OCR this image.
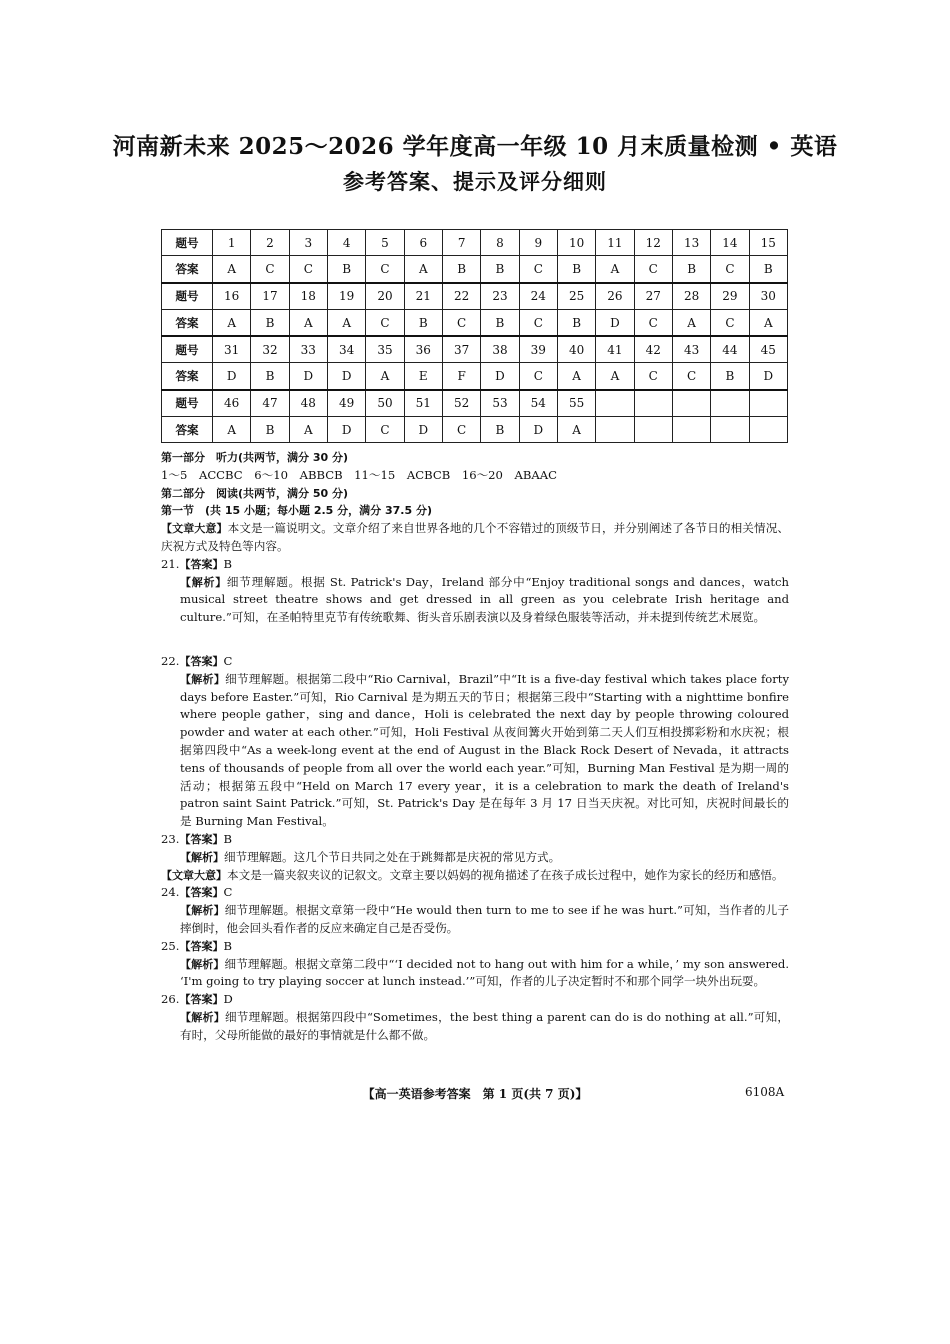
河南新未来 2025～2026 学年度高一年级 10 月末质量检测 • 英语
参考答案、提示及评分细则
题号	1	2	3	4	5	6	7	8	9	10	11	12	13	14	15
答案	A	C	C	B	C	A	B	B	C	B	A	C	B	C	B
题号	16	17	18	19	20	21	22	23	24	25	26	27	28	29	30
答案	A	B	A	A	C	B	C	B	C	B	D	C	A	C	A
题号	31	32	33	34	35	36	37	38	39	40	41	42	43	44	45
答案	D	B	D	D	A	E	F	D	C	A	A	C	C	B	D
题号	46	47	48	49	50	51	52	53	54	55					
答案	A	B	A	D	C	D	C	B	D	A					

第一部分　听力(共两节，满分 30 分)

1～5　ACCBC　6～10　ABBCB　11～15　ACBCB　16～20　ABAAC

第二部分　阅读(共两节，满分 50 分)

第一节　(共 15 小题；每小题 2.5 分，满分 37.5 分)

【文章大意】本文是一篇说明文。文章介绍了来自世界各地的几个不容错过的顶级节日，并分别阐述了各节日的相关情况、庆祝方式及特色等内容。

21.【答案】B

【解析】细节理解题。根据 St. Patrick's Day，Ireland 部分中“Enjoy traditional songs and dances，watch musical street theatre shows and get dressed in all green as you celebrate Irish heritage and culture.”可知，在圣帕特里克节有传统歌舞、街头音乐剧表演以及身着绿色服装等活动，并未提到传统艺术展览。

22.【答案】C

【解析】细节理解题。根据第二段中“Rio Carnival，Brazil”中“It is a five-day festival which takes place forty days before Easter.”可知，Rio Carnival 是为期五天的节日；根据第三段中“Starting with a nighttime bonfire where people gather，sing and dance，Holi is celebrated the next day by people throwing coloured powder and water at each other.”可知，Holi Festival 从夜间篝火开始到第二天人们互相投掷彩粉和水庆祝；根据第四段中“As a week-long event at the end of August in the Black Rock Desert of Nevada，it attracts tens of thousands of people from all over the world each year.”可知，Burning Man Festival 是为期一周的活动；根据第五段中“Held on March 17 every year，it is a celebration to mark the death of Ireland's patron saint Saint Patrick.”可知，St. Patrick's Day 是在每年 3 月 17 日当天庆祝。对比可知，庆祝时间最长的是 Burning Man Festival。

23.【答案】B

【解析】细节理解题。这几个节日共同之处在于跳舞都是庆祝的常见方式。

【文章大意】本文是一篇夹叙夹议的记叙文。文章主要以妈妈的视角描述了在孩子成长过程中，她作为家长的经历和感悟。

24.【答案】C

【解析】细节理解题。根据文章第一段中“He would then turn to me to see if he was hurt.”可知，当作者的儿子摔倒时，他会回头看作者的反应来确定自己是否受伤。

25.【答案】B

【解析】细节理解题。根据文章第二段中“‘I decided not to hang out with him for a while，’ my son answered. ‘I'm going to try playing soccer at lunch instead.’”可知，作者的儿子决定暂时不和那个同学一块外出玩耍。

26.【答案】D

【解析】细节理解题。根据第四段中“Sometimes，the best thing a parent can do is do nothing at all.”可知，有时，父母所能做的最好的事情就是什么都不做。

【高一英语参考答案　第 1 页(共 7 页)】	6108A
